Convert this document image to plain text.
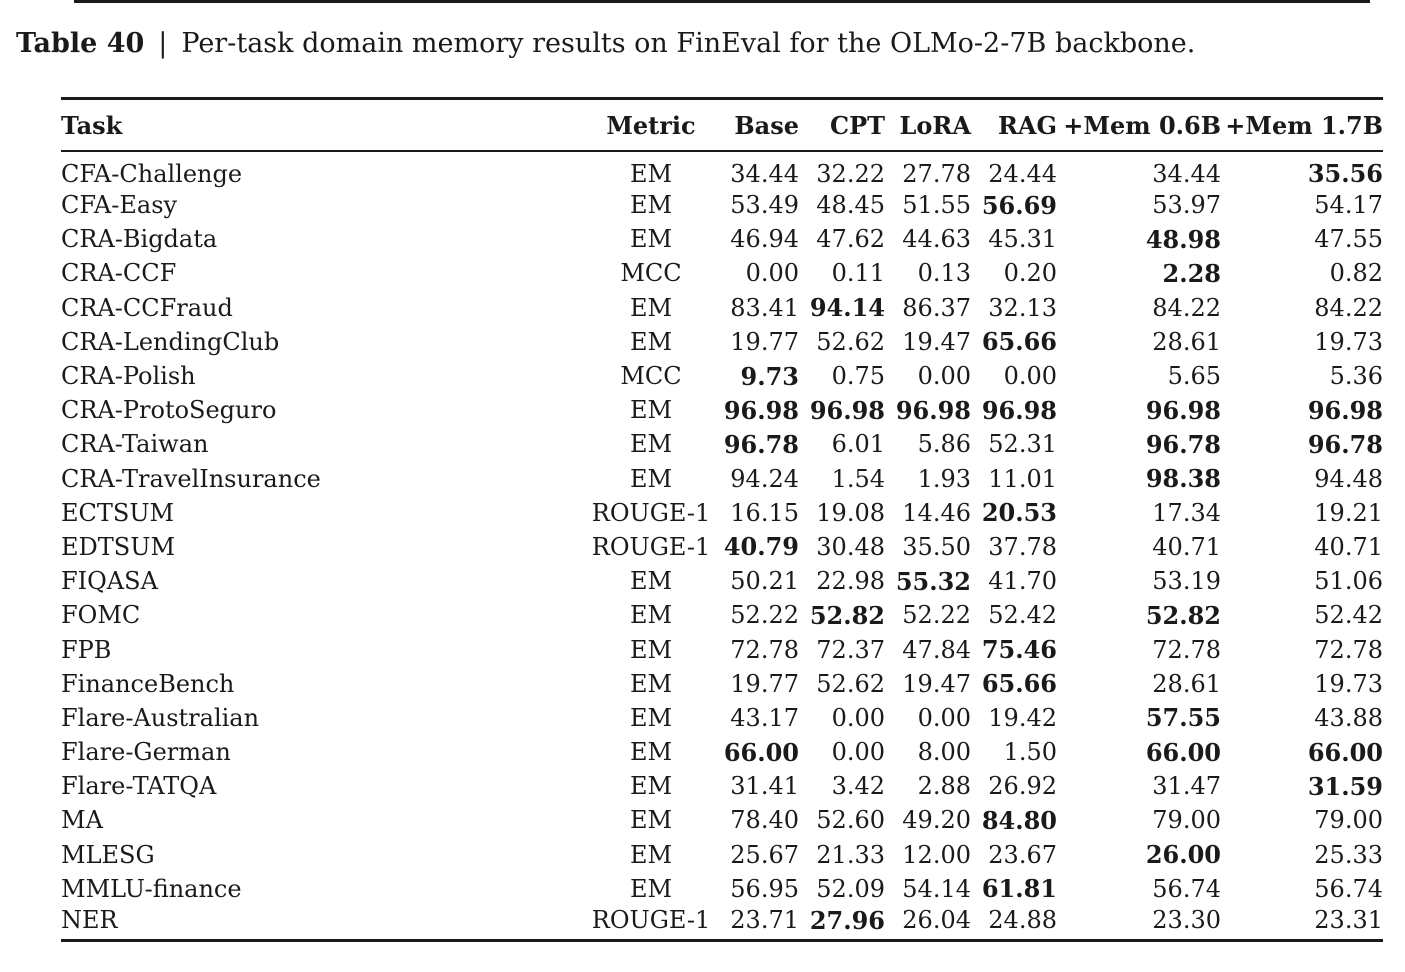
Table 40 | Per-task domain memory results on FinEval for the OLMo-2-7B backbone.
Task	Metric	Base	CPT	LoRA	RAG	+Mem 0.6B	+Mem 1.7B
CFA-Challenge	EM	34.44	32.22	27.78	24.44	34.44	35.56
CFA-Easy	EM	53.49	48.45	51.55	56.69	53.97	54.17
CRA-Bigdata	EM	46.94	47.62	44.63	45.31	48.98	47.55
CRA-CCF	MCC	0.00	0.11	0.13	0.20	2.28	0.82
CRA-CCFraud	EM	83.41	94.14	86.37	32.13	84.22	84.22
CRA-LendingClub	EM	19.77	52.62	19.47	65.66	28.61	19.73
CRA-Polish	MCC	9.73	0.75	0.00	0.00	5.65	5.36
CRA-ProtoSeguro	EM	96.98	96.98	96.98	96.98	96.98	96.98
CRA-Taiwan	EM	96.78	6.01	5.86	52.31	96.78	96.78
CRA-TravelInsurance	EM	94.24	1.54	1.93	11.01	98.38	94.48
ECTSUM	ROUGE-1	16.15	19.08	14.46	20.53	17.34	19.21
EDTSUM	ROUGE-1	40.79	30.48	35.50	37.78	40.71	40.71
FIQASA	EM	50.21	22.98	55.32	41.70	53.19	51.06
FOMC	EM	52.22	52.82	52.22	52.42	52.82	52.42
FPB	EM	72.78	72.37	47.84	75.46	72.78	72.78
FinanceBench	EM	19.77	52.62	19.47	65.66	28.61	19.73
Flare-Australian	EM	43.17	0.00	0.00	19.42	57.55	43.88
Flare-German	EM	66.00	0.00	8.00	1.50	66.00	66.00
Flare-TATQA	EM	31.41	3.42	2.88	26.92	31.47	31.59
MA	EM	78.40	52.60	49.20	84.80	79.00	79.00
MLESG	EM	25.67	21.33	12.00	23.67	26.00	25.33
MMLU-finance	EM	56.95	52.09	54.14	61.81	56.74	56.74
NER	ROUGE-1	23.71	27.96	26.04	24.88	23.30	23.31
